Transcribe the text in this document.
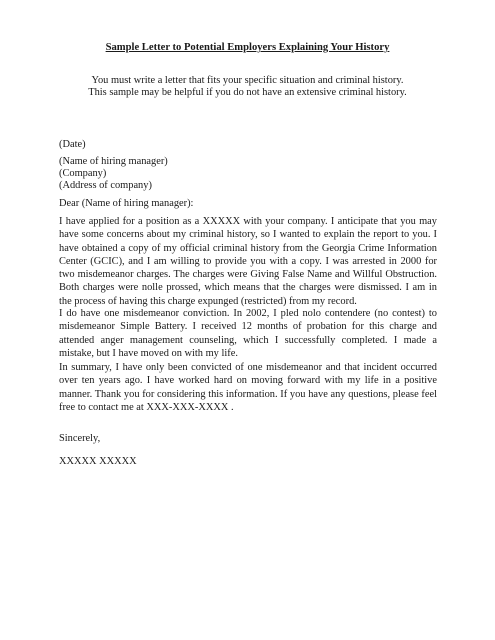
Sample Letter to Potential Employers Explaining Your History
You must write a letter that fits your specific situation and criminal history.
This sample may be helpful if you do not have an extensive criminal history.
(Date)
(Name of hiring manager)
(Company)
(Address of company)
Dear (Name of hiring manager):
I have applied for a position as a XXXXX with your company. I anticipate that you may have some concerns about my criminal history, so I wanted to explain the report to you. I have obtained a copy of my official criminal history from the Georgia Crime Information Center (GCIC), and I am willing to provide you with a copy. I was arrested in 2000 for two misdemeanor charges. The charges were Giving False Name and Willful Obstruction. Both charges were nolle prossed, which means that the charges were dismissed. I am in the process of having this charge expunged (restricted) from my record.
I do have one misdemeanor conviction. In 2002, I pled nolo contendere (no contest) to misdemeanor Simple Battery. I received 12 months of probation for this charge and attended anger management counseling, which I successfully completed. I made a mistake, but I have moved on with my life.
In summary, I have only been convicted of one misdemeanor and that incident occurred over ten years ago. I have worked hard on moving forward with my life in a positive manner. Thank you for considering this information. If you have any questions, please feel free to contact me at XXX-XXX-XXXX .
Sincerely,
XXXXX XXXXX
